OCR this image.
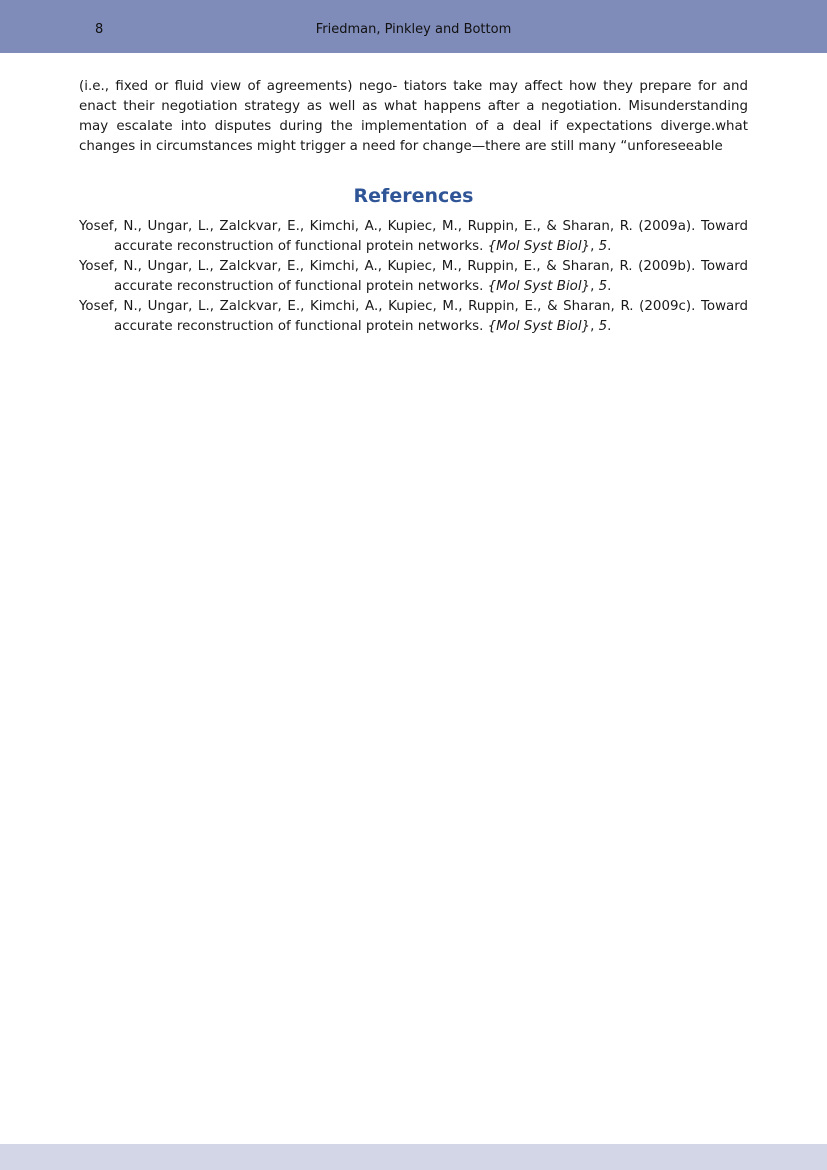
8	Friedman, Pinkley and Bottom

(i.e., fixed or fluid view of agreements) nego- tiators take may affect how they prepare for and enact their negotiation strategy as well as what happens after a negotiation. Misunderstanding may escalate into disputes during the implementation of a deal if expectations diverge.what changes in circumstances might trigger a need for change—there are still many “unforeseeable

References
Yosef, N., Ungar, L., Zalckvar, E., Kimchi, A., Kupiec, M., Ruppin, E., & Sharan, R. (2009a). Toward accurate reconstruction of functional protein networks. {Mol Syst Biol}, 5.
Yosef, N., Ungar, L., Zalckvar, E., Kimchi, A., Kupiec, M., Ruppin, E., & Sharan, R. (2009b). Toward accurate reconstruction of functional protein networks. {Mol Syst Biol}, 5.
Yosef, N., Ungar, L., Zalckvar, E., Kimchi, A., Kupiec, M., Ruppin, E., & Sharan, R. (2009c). Toward accurate reconstruction of functional protein networks. {Mol Syst Biol}, 5.
